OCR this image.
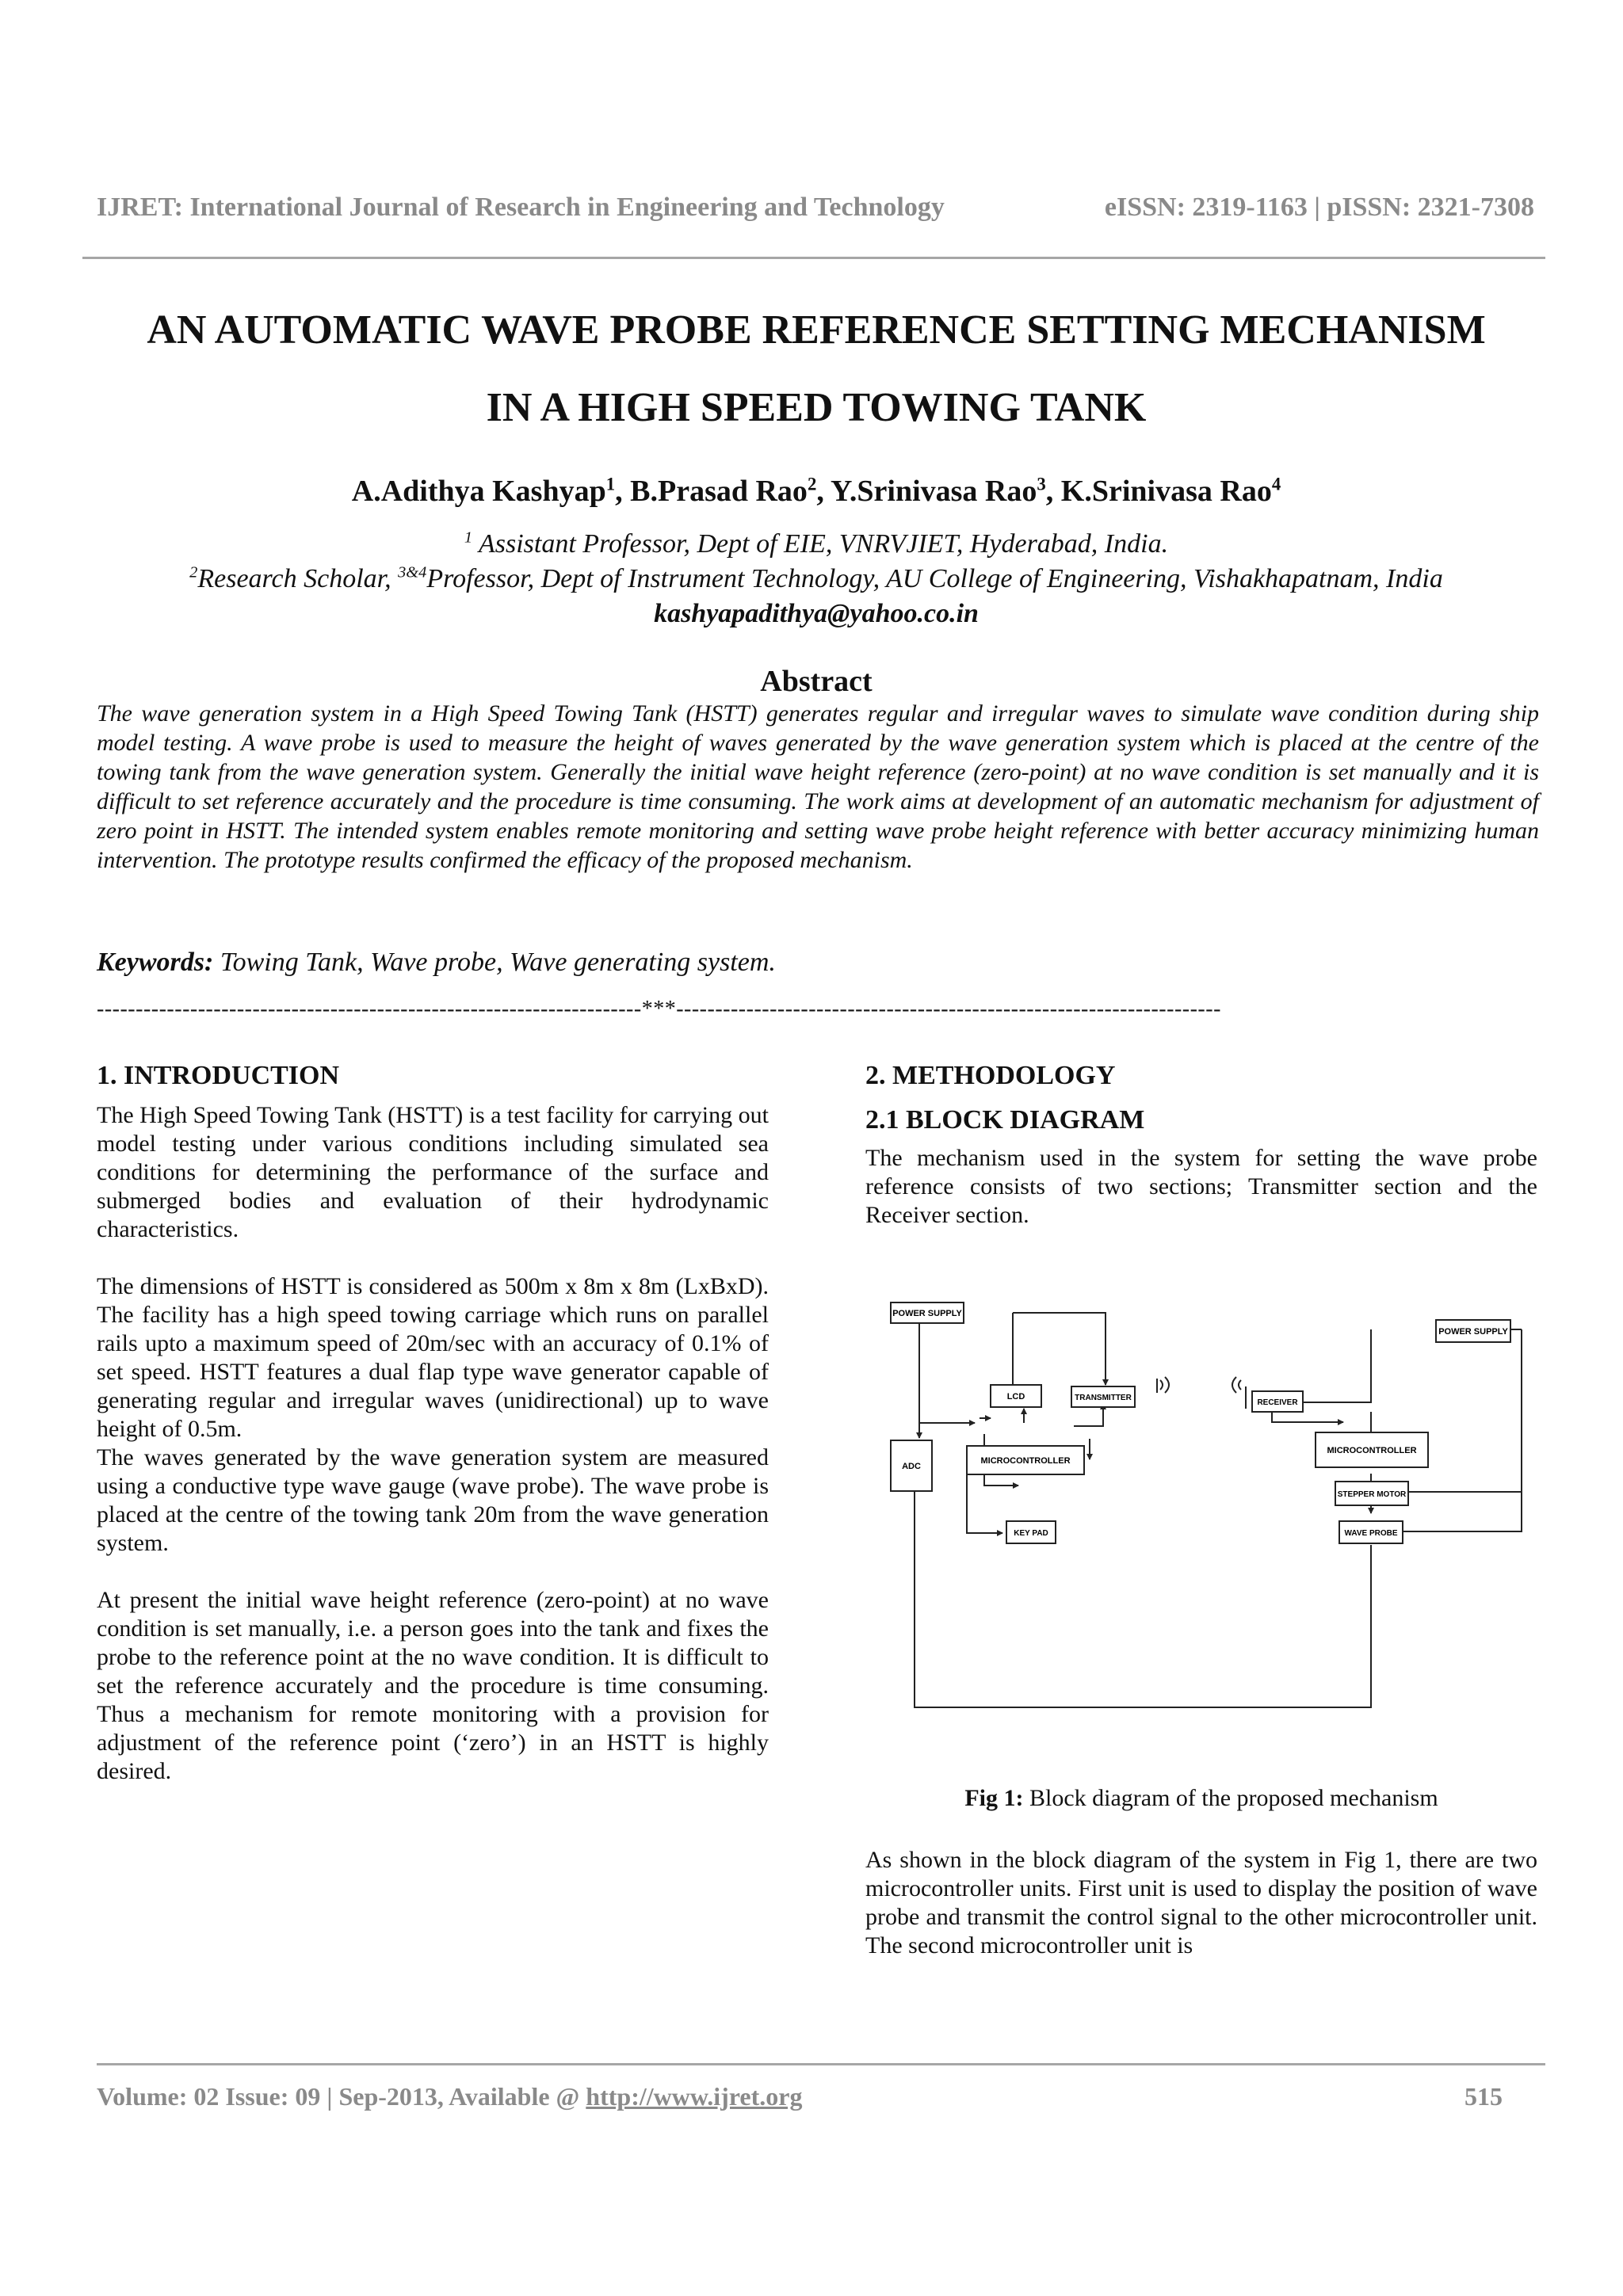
IJRET: International Journal of Research in Engineering and Technology	eISSN: 2319-1163 | pISSN: 2321-7308
AN AUTOMATIC WAVE PROBE REFERENCE SETTING MECHANISM
IN A HIGH SPEED TOWING TANK
A.Adithya Kashyap$^1$, B.Prasad Rao$^2$, Y.Srinivasa Rao$^3$, K.Srinivasa Rao$^4$
$^1$ Assistant Professor, Dept of EIE, VNRVJIET, Hyderabad, India.
$^2$Research Scholar, $^{3\&4}$Professor, Dept of Instrument Technology, AU College of Engineering, Vishakhapatnam, India
kashyapadithya@yahoo.co.in
Abstract
The wave generation system in a High Speed Towing Tank (HSTT) generates regular and irregular waves to simulate wave condition during ship model testing. A wave probe is used to measure the height of waves generated by the wave generation system which is placed at the centre of the towing tank from the wave generation system. Generally the initial wave height reference (zero-point) at no wave condition is set manually and it is difficult to set reference accurately and the procedure is time consuming. The work aims at development of an automatic mechanism for adjustment of zero point in HSTT. The intended system enables remote monitoring and setting wave probe height reference with better accuracy minimizing human intervention. The prototype results confirmed the efficacy of the proposed mechanism.
Keywords: Towing Tank, Wave probe, Wave generating system.
----------------------------------------------------------------------***----------------------------------------------------------------------

1. INTRODUCTION

The High Speed Towing Tank (HSTT) is a test facility for carrying out model testing under various conditions including simulated sea conditions for determining the performance of the surface and submerged bodies and evaluation of their hydrodynamic characteristics.

The dimensions of HSTT is considered as 500m x 8m x 8m (LxBxD). The facility has a high speed towing carriage which runs on parallel rails upto a maximum speed of 20m/sec with an accuracy of 0.1% of set speed. HSTT features a dual flap type wave generator capable of generating regular and irregular waves (unidirectional) up to wave height of 0.5m.

The waves generated by the wave generation system are measured using a conductive type wave gauge (wave probe). The wave probe is placed at the centre of the towing tank 20m from the wave generation system.

At present the initial wave height reference (zero-point) at no wave condition is set manually, i.e. a person goes into the tank and fixes the probe to the reference point at the no wave condition. It is difficult to set the reference accurately and the procedure is time consuming. Thus a mechanism for remote monitoring with a provision for adjustment of the reference point (‘zero’) in an HSTT is highly desired.

2. METHODOLOGY

2.1 BLOCK DIAGRAM

The mechanism used in the system for setting the wave probe reference consists of two sections; Transmitter section and the Receiver section.

POWER SUPPLY
LCD	TRANSMITTER
ADC
MICROCONTROLLER
KEY PAD
RECEIVER
POWER SUPPLY
MICROCONTROLLER
STEPPER MOTOR
WAVE PROBE
Fig 1: Block diagram of the proposed mechanism

As shown in the block diagram of the system in Fig 1, there are two microcontroller units. First unit is used to display the position of wave probe and transmit the control signal to the other microcontroller unit. The second microcontroller unit is

Volume: 02 Issue: 09 | Sep-2013, Available @ http://www.ijret.org	515
